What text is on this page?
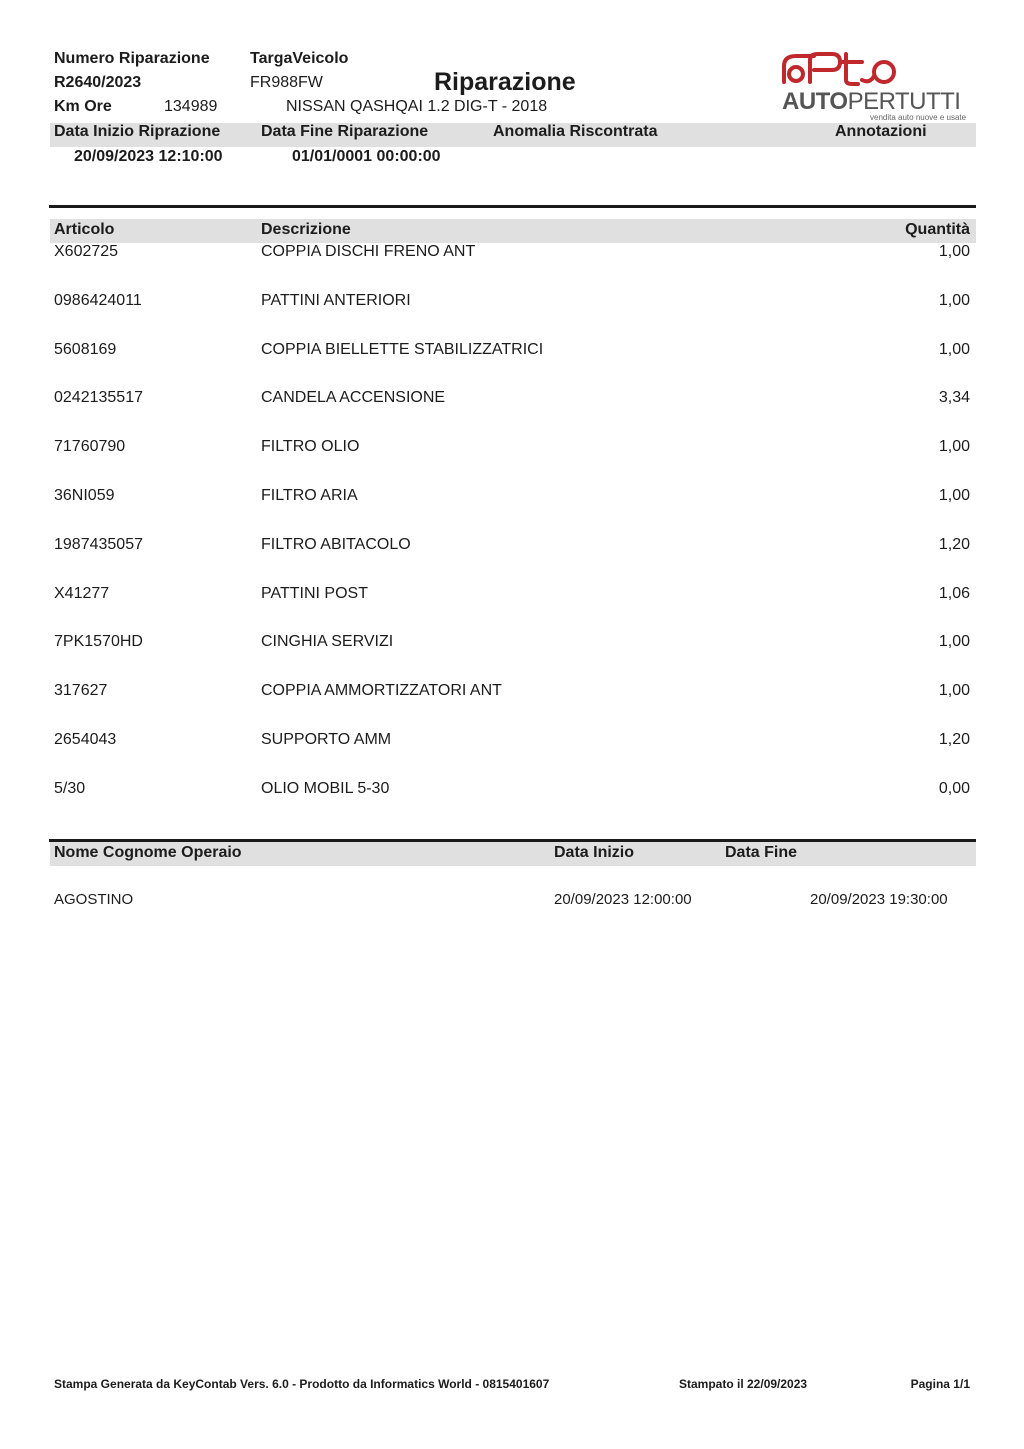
Numero Riparazione
R2640/2023
Km Ore	134989
TargaVeicolo
FR988FW
NISSAN QASHQAI 1.2 DIG-T - 2018
Riparazione
AUTOPERTUTTI
vendita auto nuove e usate
Data Inizio Riprazione	Data Fine Riparazione	Anomalia Riscontrata	Annotazioni
20/09/2023 12:10:00	01/01/0001 00:00:00
Articolo	Descrizione	Quantità
X602725	COPPIA DISCHI FRENO ANT	1,00
0986424011	PATTINI ANTERIORI	1,00
5608169	COPPIA BIELLETTE STABILIZZATRICI	1,00
0242135517	CANDELA ACCENSIONE	3,34
71760790	FILTRO OLIO	1,00
36NI059	FILTRO ARIA	1,00
1987435057	FILTRO ABITACOLO	1,20
X41277	PATTINI POST	1,06
7PK1570HD	CINGHIA SERVIZI	1,00
317627	COPPIA AMMORTIZZATORI ANT	1,00
2654043	SUPPORTO AMM	1,20
5/30	OLIO MOBIL 5-30	0,00
Nome Cognome Operaio	Data Inizio	Data Fine
AGOSTINO	20/09/2023 12:00:00	20/09/2023 19:30:00
Stampa Generata da KeyContab Vers. 6.0 - Prodotto da Informatics World - 0815401607	Stampato il 22/09/2023	Pagina 1/1
